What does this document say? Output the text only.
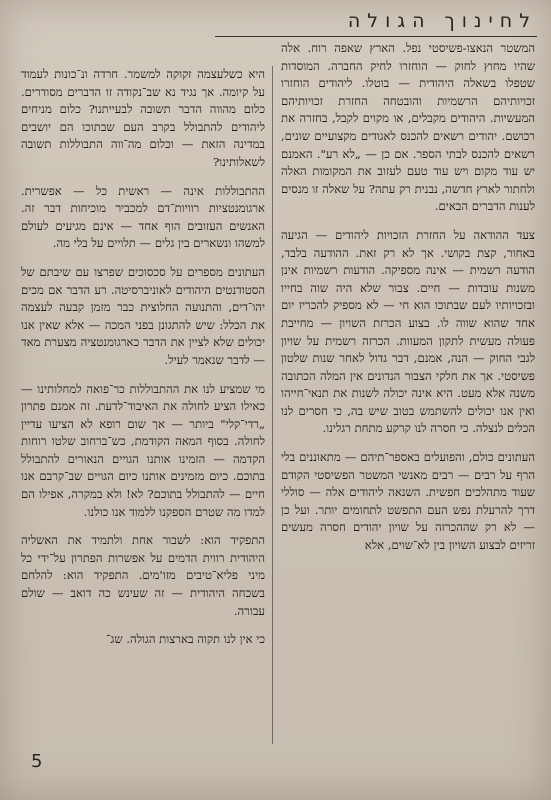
לחינוך הגולה

המשטר הנאצו-פשיסטי נפל. הארץ שאפה רוח. אלה שהיו מחוץ לחוק — הוחזרו לחיק החברה. המוסדות שטפלו בשאלה היהודית — בוטלו. ליהודים הוחזרו זכויותיהם הרשמיות והובטחה החזרת זכויותיהם המעשיות. היהודים מקבלים, או מקוים לקבל, בחזרה את רכושם. יהודים רשאים להכנס לאגודים מקצועיים שונים, רשאים להכנס לבתי הספר. אם כן — „לא רע". האמנם יש עוד מקום ויש עוד טעם לעזוב את המקומות האלה ולחתור לארץ חדשה, נבנית רק עתה? על שאלה זו מנסים לענות הדברים הבאים.

צעד ההודאה על החזרת הזכויות ליהודים — הגיעה באחור, קצת בקושי. אך לא רק זאת. ההודעה בלבד, הודעה רשמית — אינה מספיקה. הודעות רשמיות אינן משנות עובדות — חיים. צבור שלא היה שוה בחייו ובזכויותיו לעם שבתוכו הוא חי — לא מספיק להכריז יום אחד שהוא שווה לו. בצוע הכרזת השויון — מחייבת פעולה מעשית לתקון המעוות. הכרזה רשמית על שויון לגבי החוק — הנה, אמנם, דבר גדול לאחר שנות שלטון פשיסטי. אך את חלקי הצבור הנדונים אין המלה הכתובה משנה אלא מעט. היא אינה יכולה לשנות את תנאי־חייהו ואין אנו יכולים להשתמש בטוב שיש בה, כי חסרים לנו הכלים לנצלה. כי חסרה לנו קרקע מתחת רגלינו.

העתונים כולם, והפועלים באספר־תיהם — מתאוננים בלי הרף על רבים — רבים מאנשי המשטר הפשיסטי הקודם שעוד מתהלכים חפשית. השנאה ליהודים אלה — סוללי דרך להרעלת נפש העם התפשט לתחומים יותר. ועל כן — לא רק שההכרזה על שויון יהודים חסרה מעשים זריזים לבצוע השויון בין לא־שוים, אלא

היא כשלעצמה זקוקה למשמר. חרדה ונ־כונות לעמוד על קיומה. אך נגיד נא שב־נקודה זו הדברים מסודרים. כלום מהווה הדבר תשובה לבעייתנו? כלום מניחים ליהודים להתבולל בקרב העם שבתוכו הם יושבים במדינה הזאת — וכלום מה־ווה התבוללות תשובה לשאלותינו?

ההתבוללות אינה — ראשית כל — אפשרית. ארגומנטציות רוויות־דם למכביר מוכיחות דבר זה. האנשים העזובים הוף אחד — אינם מגיעים לעולם למשהו ונשארים בין גלים — תלויים על בלי מה.

העתונים מספרים על סכסוכים שפרצו עם שיבתם של הסטודנטים היהודים לאוניברסיטה. רע הדבר אם מכים יהו־דים, והתנועה החלוצית כבר מזמן קבעה לעצמה את הכלל: שיש להתגונן בפני המכה — אלא שאין אנו יכולים שלא לציין את הדבר כארגומנטציה מצערת מאד — לדבר שנאמר לעיל.

מי שמציע לנו את ההתבוללות כר־פואה למחלותינו — כאילו הציע לחולה את האיבוד־לדעת. זה אמנם פתרון „רדי־קלי" ביותר — אך שום רופא לא הציעו עדיין לחולה. בסוף המאה הקודמת, כש־ברחוב שלטו רוחות הקדמה — הזמינו אותנו הגויים הנאורים להתבולל בתוכם. כיום מזמינים אותנו כיום הגויים שב־קרבם אנו חיים — להתבולל בתוכם? לא! ולא במקרה, אפילו הם למדו מה שטרם הספקנו ללמוד אנו כולנו.

התפקיד הוא: לשבור אחת ולתמיד את האשליה היהודית רווית הדמים על אפשרות הפתרון על־ידי כל מיני פליא־טיבים מזו'מים. התפקיד הוא: להלחם בשכחה היהודית — זה שעינש כה דואב — שולם עבורה.

כי אין לנו תקוה בארצות הגולה. שג־

5
